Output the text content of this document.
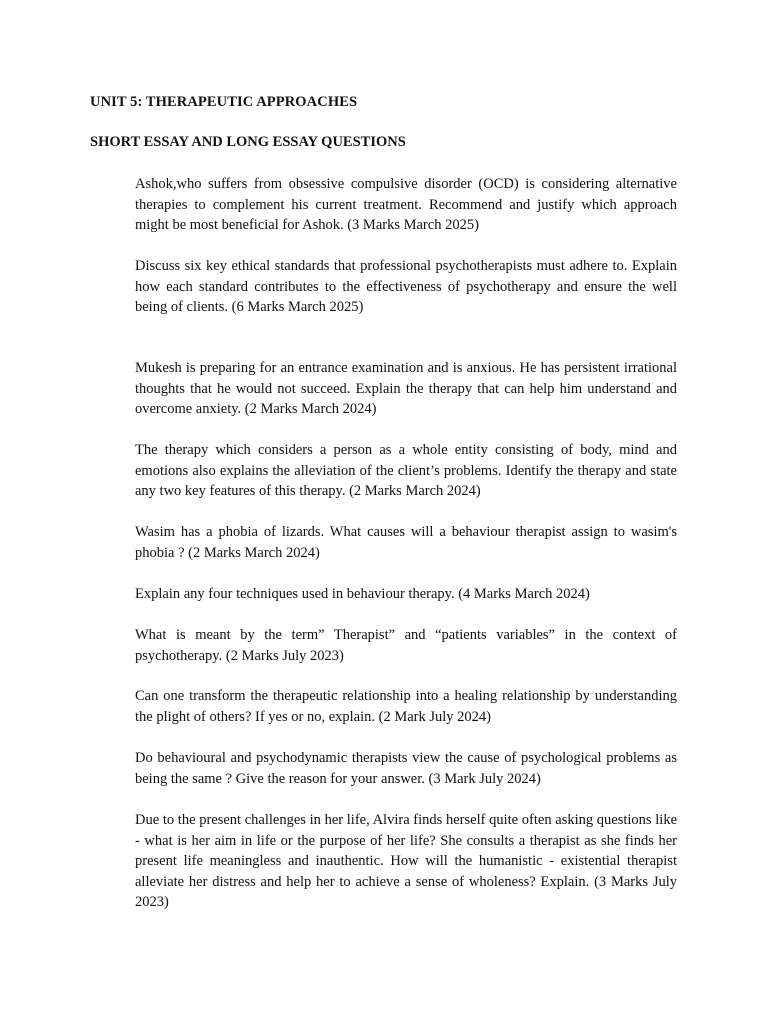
UNIT 5: THERAPEUTIC APPROACHES
SHORT ESSAY AND LONG ESSAY QUESTIONS

Ashok,who suffers from obsessive compulsive disorder (OCD) is considering alternative therapies to complement his current treatment. Recommend and justify which approach might be most beneficial for Ashok. (3 Marks March 2025)

Discuss six key ethical standards that professional psychotherapists must adhere to. Explain how each standard contributes to the effectiveness of psychotherapy and ensure the well being of clients. (6 Marks March 2025)

Mukesh is preparing for an entrance examination and is anxious. He has persistent irrational thoughts that he would not succeed. Explain the therapy that can help him understand and overcome anxiety. (2 Marks March 2024)

The therapy which considers a person as a whole entity consisting of body, mind and emotions also explains the alleviation of the client’s problems. Identify the therapy and state any two key features of this therapy. (2 Marks March 2024)

Wasim has a phobia of lizards. What causes will a behaviour therapist assign to wasim's phobia ? (2 Marks March 2024)

Explain any four techniques used in behaviour therapy. (4 Marks March 2024)

What is meant by the term” Therapist” and “patients variables” in the context of psychotherapy. (2 Marks July 2023)

Can one transform the therapeutic relationship into a healing relationship by understanding the plight of others? If yes or no, explain. (2 Mark July 2024)

Do behavioural and psychodynamic therapists view the cause of psychological problems as being the same ? Give the reason for your answer. (3 Mark July 2024)

Due to the present challenges in her life, Alvira finds herself quite often asking questions like - what is her aim in life or the purpose of her life? She consults a therapist as she finds her present life meaningless and inauthentic. How will the humanistic - existential therapist alleviate her distress and help her to achieve a sense of wholeness? Explain. (3 Marks July 2023)
